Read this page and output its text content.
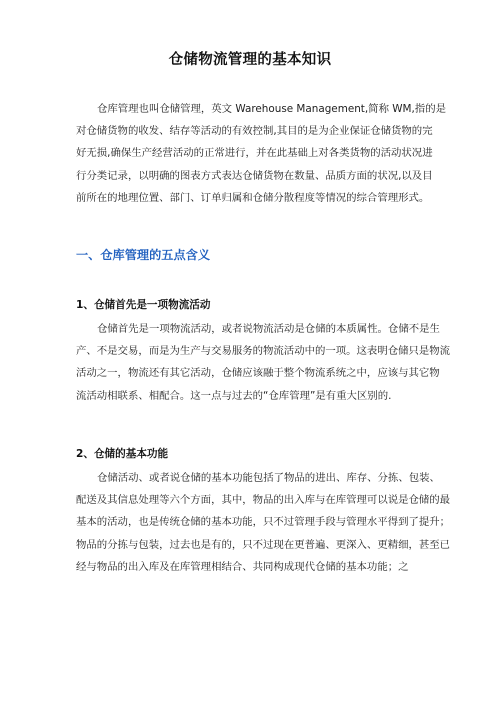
仓储物流管理的基本知识
仓库管理也叫仓储管理，英文 Warehouse Management,简称 WM,指的是
对仓储货物的收发、结存等活动的有效控制,其目的是为企业保证仓储货物的完
好无损,确保生产经营活动的正常进行，并在此基础上对各类货物的活动状况进
行分类记录，以明确的图表方式表达仓储货物在数量、品质方面的状况,以及目
前所在的地理位置、部门、订单归属和仓储分散程度等情况的综合管理形式。
一、仓库管理的五点含义
1、仓储首先是一项物流活动
仓储首先是一项物流活动，或者说物流活动是仓储的本质属性。仓储不是生
产、不是交易，而是为生产与交易服务的物流活动中的一项。这表明仓储只是物流
活动之一，物流还有其它活动，仓储应该融于整个物流系统之中，应该与其它物
流活动相联系、相配合。这一点与过去的“仓库管理”是有重大区别的.
2、仓储的基本功能
仓储活动、或者说仓储的基本功能包括了物品的进出、库存、分拣、包装、
配送及其信息处理等六个方面，其中，物品的出入库与在库管理可以说是仓储的最
基本的活动，也是传统仓储的基本功能，只不过管理手段与管理水平得到了提升；
物品的分拣与包装，过去也是有的，只不过现在更普遍、更深入、更精细，甚至已
经与物品的出入库及在库管理相结合、共同构成现代仓储的基本功能；之
